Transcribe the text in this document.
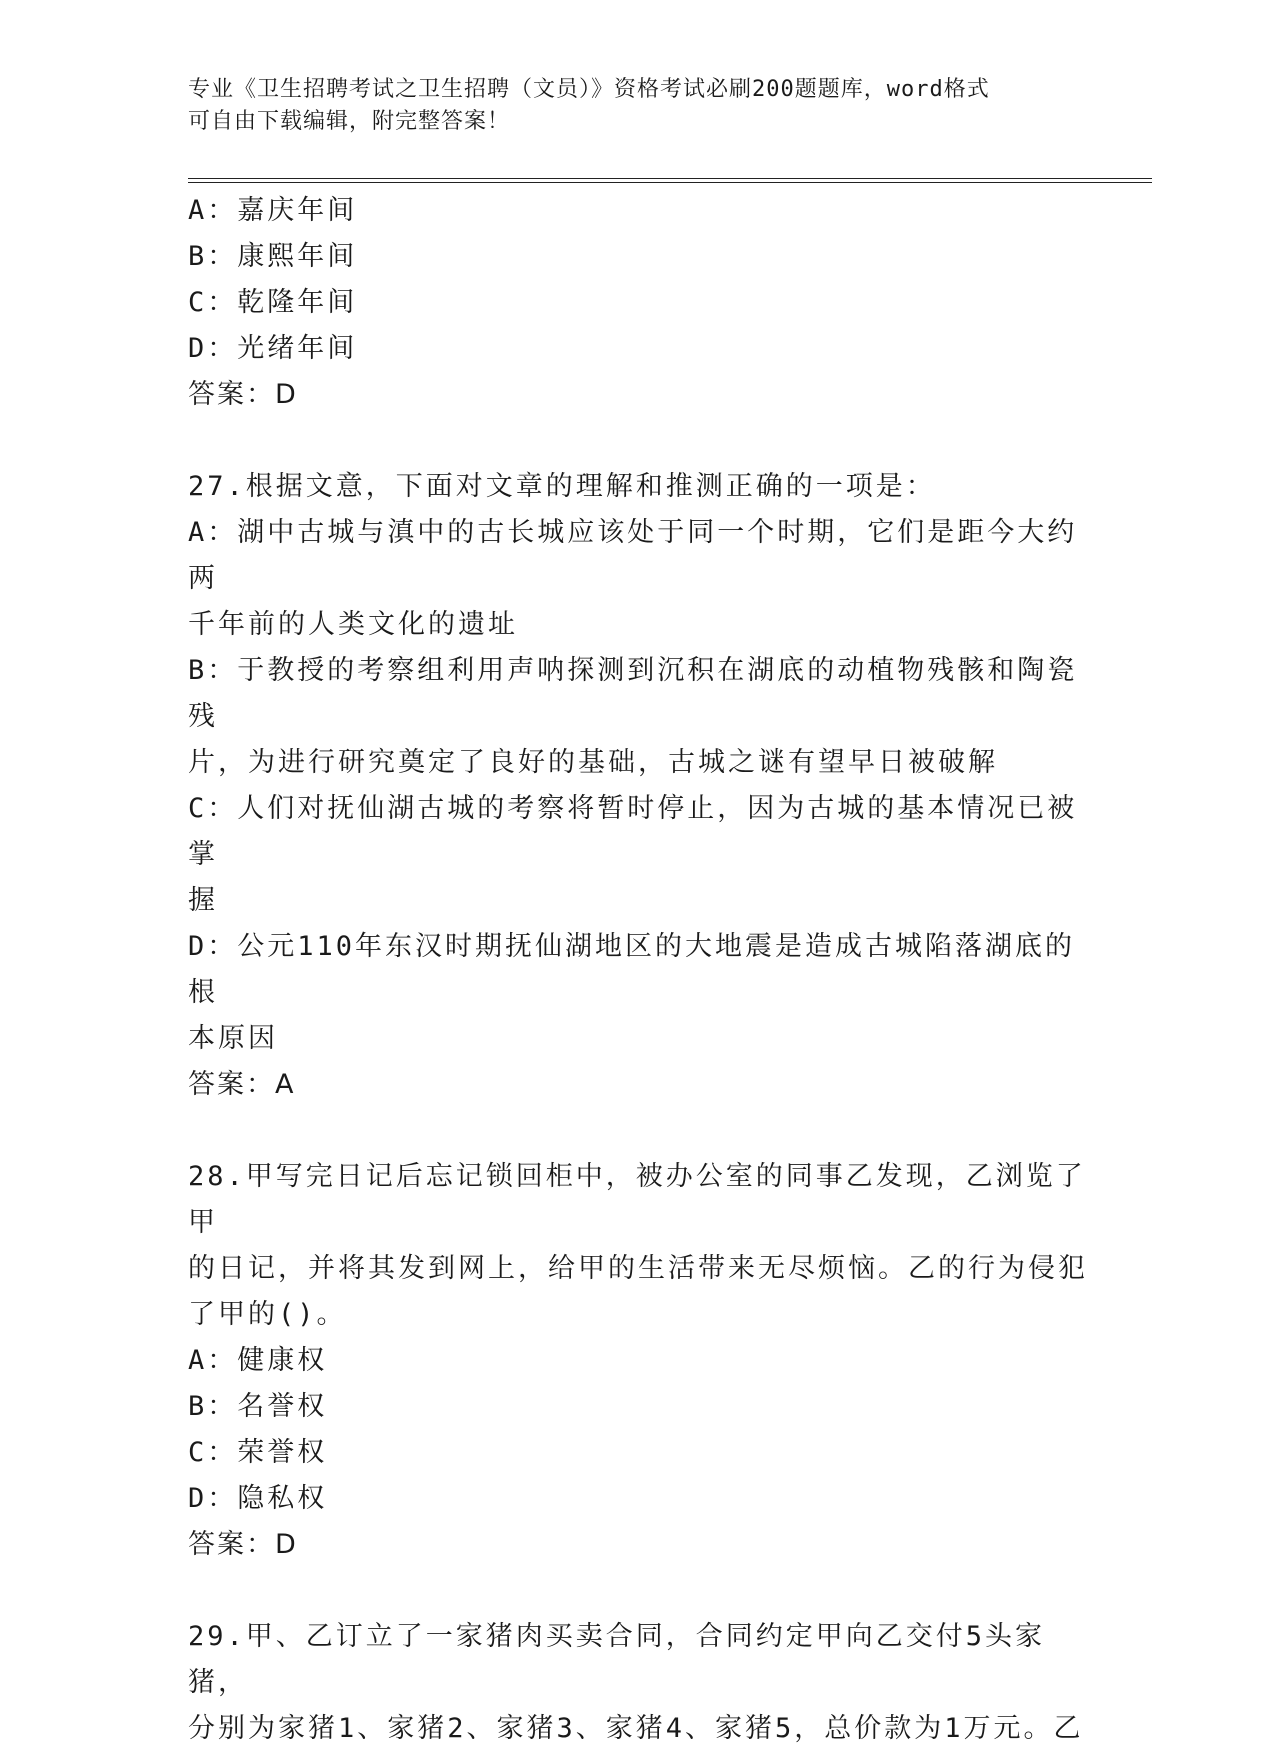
专业《卫生招聘考试之卫生招聘（文员）》资格考试必刷200题题库，word格式
可自由下载编辑，附完整答案！
A：嘉庆年间
B：康熙年间
C：乾隆年间
D：光绪年间
答案：D
27.根据文意，下面对文章的理解和推测正确的一项是：
A：湖中古城与滇中的古长城应该处于同一个时期，它们是距今大约两
千年前的人类文化的遗址
B：于教授的考察组利用声呐探测到沉积在湖底的动植物残骸和陶瓷残
片，为进行研究奠定了良好的基础，古城之谜有望早日被破解
C：人们对抚仙湖古城的考察将暂时停止，因为古城的基本情况已被掌
握
D：公元110年东汉时期抚仙湖地区的大地震是造成古城陷落湖底的根
本原因
答案：A
28.甲写完日记后忘记锁回柜中，被办公室的同事乙发现，乙浏览了甲
的日记，并将其发到网上，给甲的生活带来无尽烦恼。乙的行为侵犯
了甲的()。
A：健康权
B：名誉权
C：荣誉权
D：隐私权
答案：D
29.甲、乙订立了一家猪肉买卖合同，合同约定甲向乙交付5头家猪，
分别为家猪1、家猪2、家猪3、家猪4、家猪5，总价款为1万元。乙
